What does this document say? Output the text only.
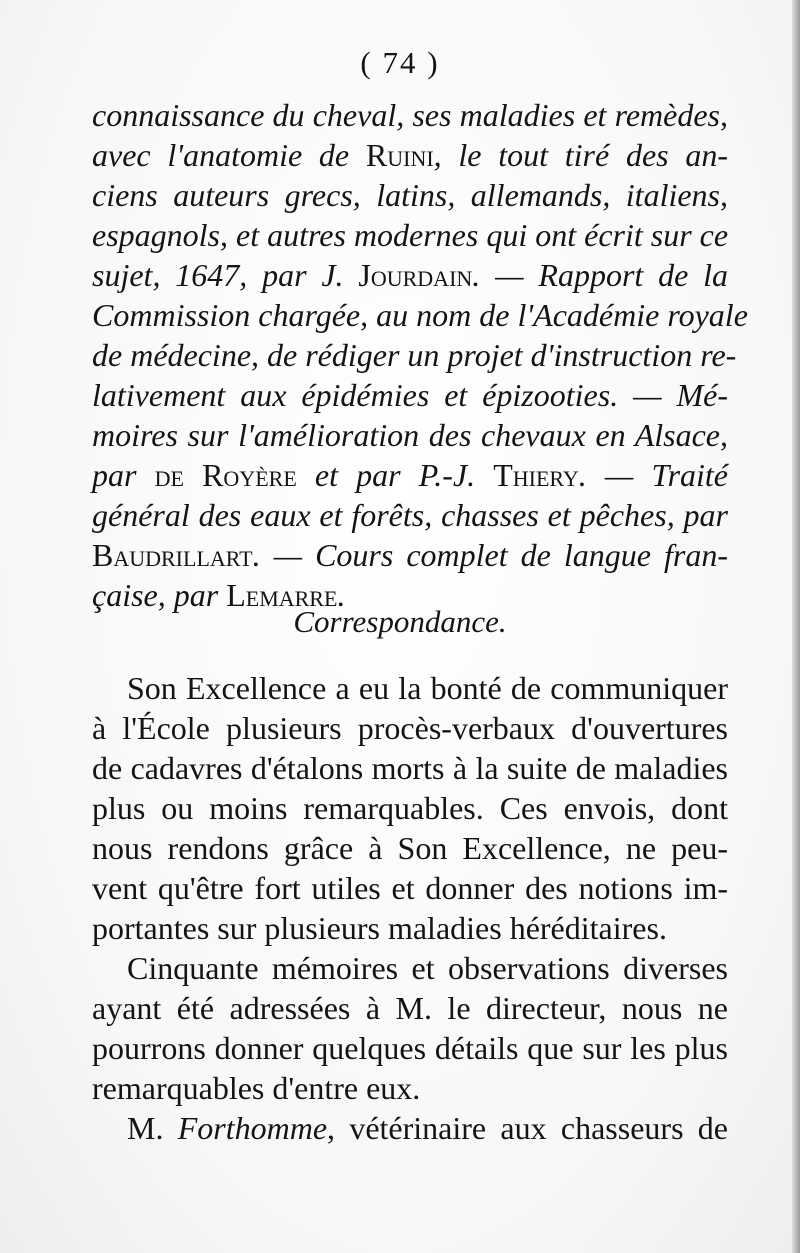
( 74 )
connaissance du cheval, ses maladies et remèdes,
avec l'anatomie de Ruini, le tout tiré des an-
ciens auteurs grecs, latins, allemands, italiens,
espagnols, et autres modernes qui ont écrit sur ce
sujet, 1647, par J. Jourdain. — Rapport de la
Commission chargée, au nom de l'Académie royale
de médecine, de rédiger un projet d'instruction re-
lativement aux épidémies et épizooties. — Mé-
moires sur l'amélioration des chevaux en Alsace,
par de Royère et par P.-J. Thiery. — Traité
général des eaux et forêts, chasses et pêches, par
Baudrillart. — Cours complet de langue fran-
çaise, par Lemarre.
Correspondance.
Son Excellence a eu la bonté de communiquer
à l'École plusieurs procès-verbaux d'ouvertures
de cadavres d'étalons morts à la suite de maladies
plus ou moins remarquables. Ces envois, dont
nous rendons grâce à Son Excellence, ne peu-
vent qu'être fort utiles et donner des notions im-
portantes sur plusieurs maladies héréditaires.
Cinquante mémoires et observations diverses
ayant été adressées à M. le directeur, nous ne
pourrons donner quelques détails que sur les plus
remarquables d'entre eux.
M. Forthomme, vétérinaire aux chasseurs de
